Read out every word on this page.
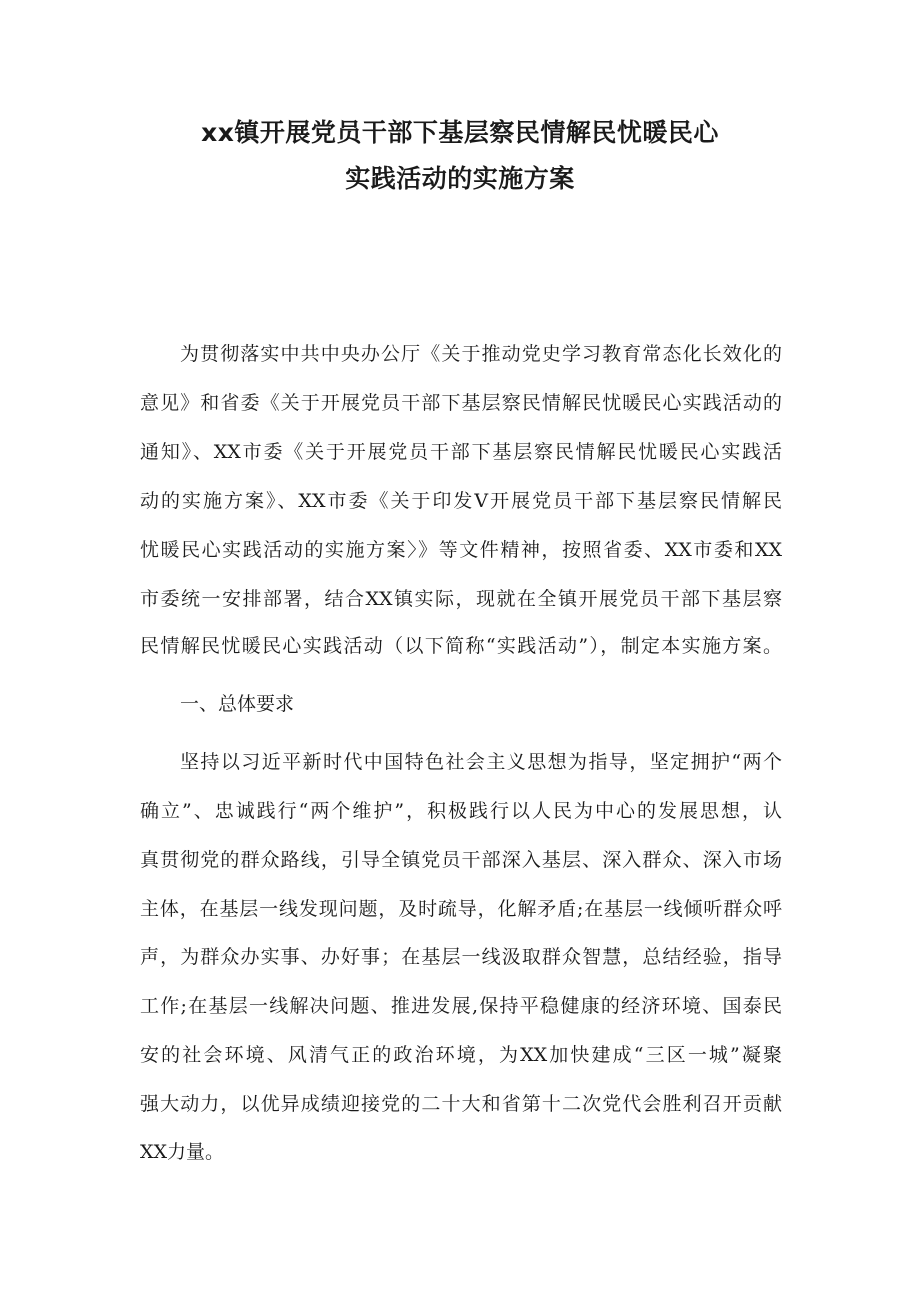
xx镇开展党员干部下基层察民情解民忧暖民心
实践活动的实施方案

为贯彻落实中共中央办公厅《关于推动党史学习教育常态化长效化的

意见》和省委《关于开展党员干部下基层察民情解民忧暖民心实践活动的

通知》、XX市委《关于开展党员干部下基层察民情解民忧暖民心实践活

动的实施方案》、XX市委《关于印发V开展党员干部下基层察民情解民

忧暖民心实践活动的实施方案〉》等文件精神，按照省委、XX市委和XX

市委统一安排部署，结合XX镇实际，现就在全镇开展党员干部下基层察

民情解民忧暖民心实践活动（以下简称“实践活动”），制定本实施方案。

一、总体要求

坚持以习近平新时代中国特色社会主义思想为指导，坚定拥护“两个

确立”、忠诚践行“两个维护”，积极践行以人民为中心的发展思想，认

真贯彻党的群众路线，引导全镇党员干部深入基层、深入群众、深入市场

主体，在基层一线发现问题，及时疏导，化解矛盾;在基层一线倾听群众呼

声，为群众办实事、办好事；在基层一线汲取群众智慧，总结经验，指导

工作;在基层一线解决问题、推进发展,保持平稳健康的经济环境、国泰民

安的社会环境、风清气正的政治环境，为XX加快建成“三区一城”凝聚

强大动力，以优异成绩迎接党的二十大和省第十二次党代会胜利召开贡献

XX力量。
